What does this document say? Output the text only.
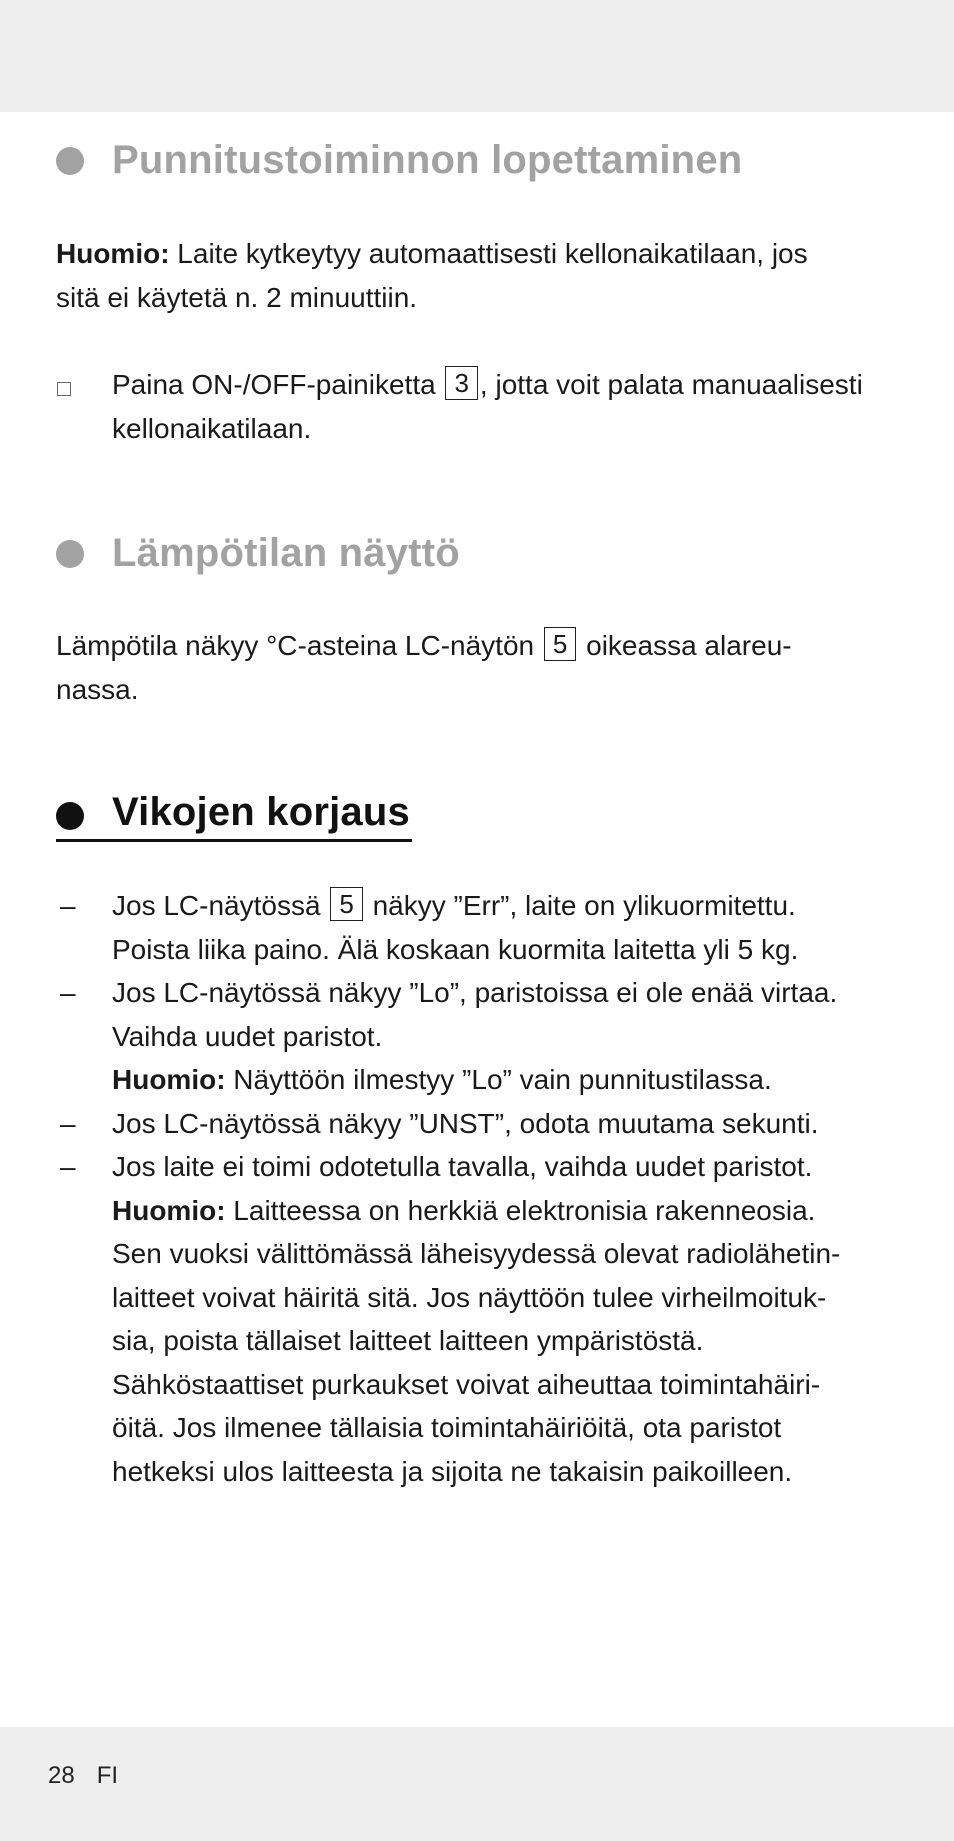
Punnitustoiminnon lopettaminen
Huomio: Laite kytkeytyy automaattisesti kellonaikatilaan, jos
sitä ei käytetä n. 2 minuuttiin.
Paina ON-/OFF-painiketta 3 , jotta voit palata manuaalisesti
kellonaikatilaan.
Lämpötilan näyttö
Lämpötila näkyy °C-asteina LC-näytön 5 oikeassa alareu-
nassa.
Vikojen korjaus
– Jos LC-näytössä 5 näkyy ”Err”, laite on ylikuormitettu.
Poista liika paino. Älä koskaan kuormita laitetta yli 5 kg.
– Jos LC-näytössä näkyy ”Lo”, paristoissa ei ole enää virtaa.
Vaihda uudet paristot.
Huomio: Näyttöön ilmestyy ”Lo” vain punnitustilassa.
– Jos LC-näytössä näkyy ”UNST”, odota muutama sekunti.
– Jos laite ei toimi odotetulla tavalla, vaihda uudet paristot.
Huomio: Laitteessa on herkkiä elektronisia rakenneosia.
Sen vuoksi välittömässä läheisyydessä olevat radiolähetin-
laitteet voivat häiritä sitä. Jos näyttöön tulee virheilmoituk-
sia, poista tällaiset laitteet laitteen ympäristöstä.
Sähköstaattiset purkaukset voivat aiheuttaa toimintahäiri-
öitä. Jos ilmenee tällaisia toimintahäiriöitä, ota paristot
hetkeksi ulos laitteesta ja sijoita ne takaisin paikoilleen.
28 FI
